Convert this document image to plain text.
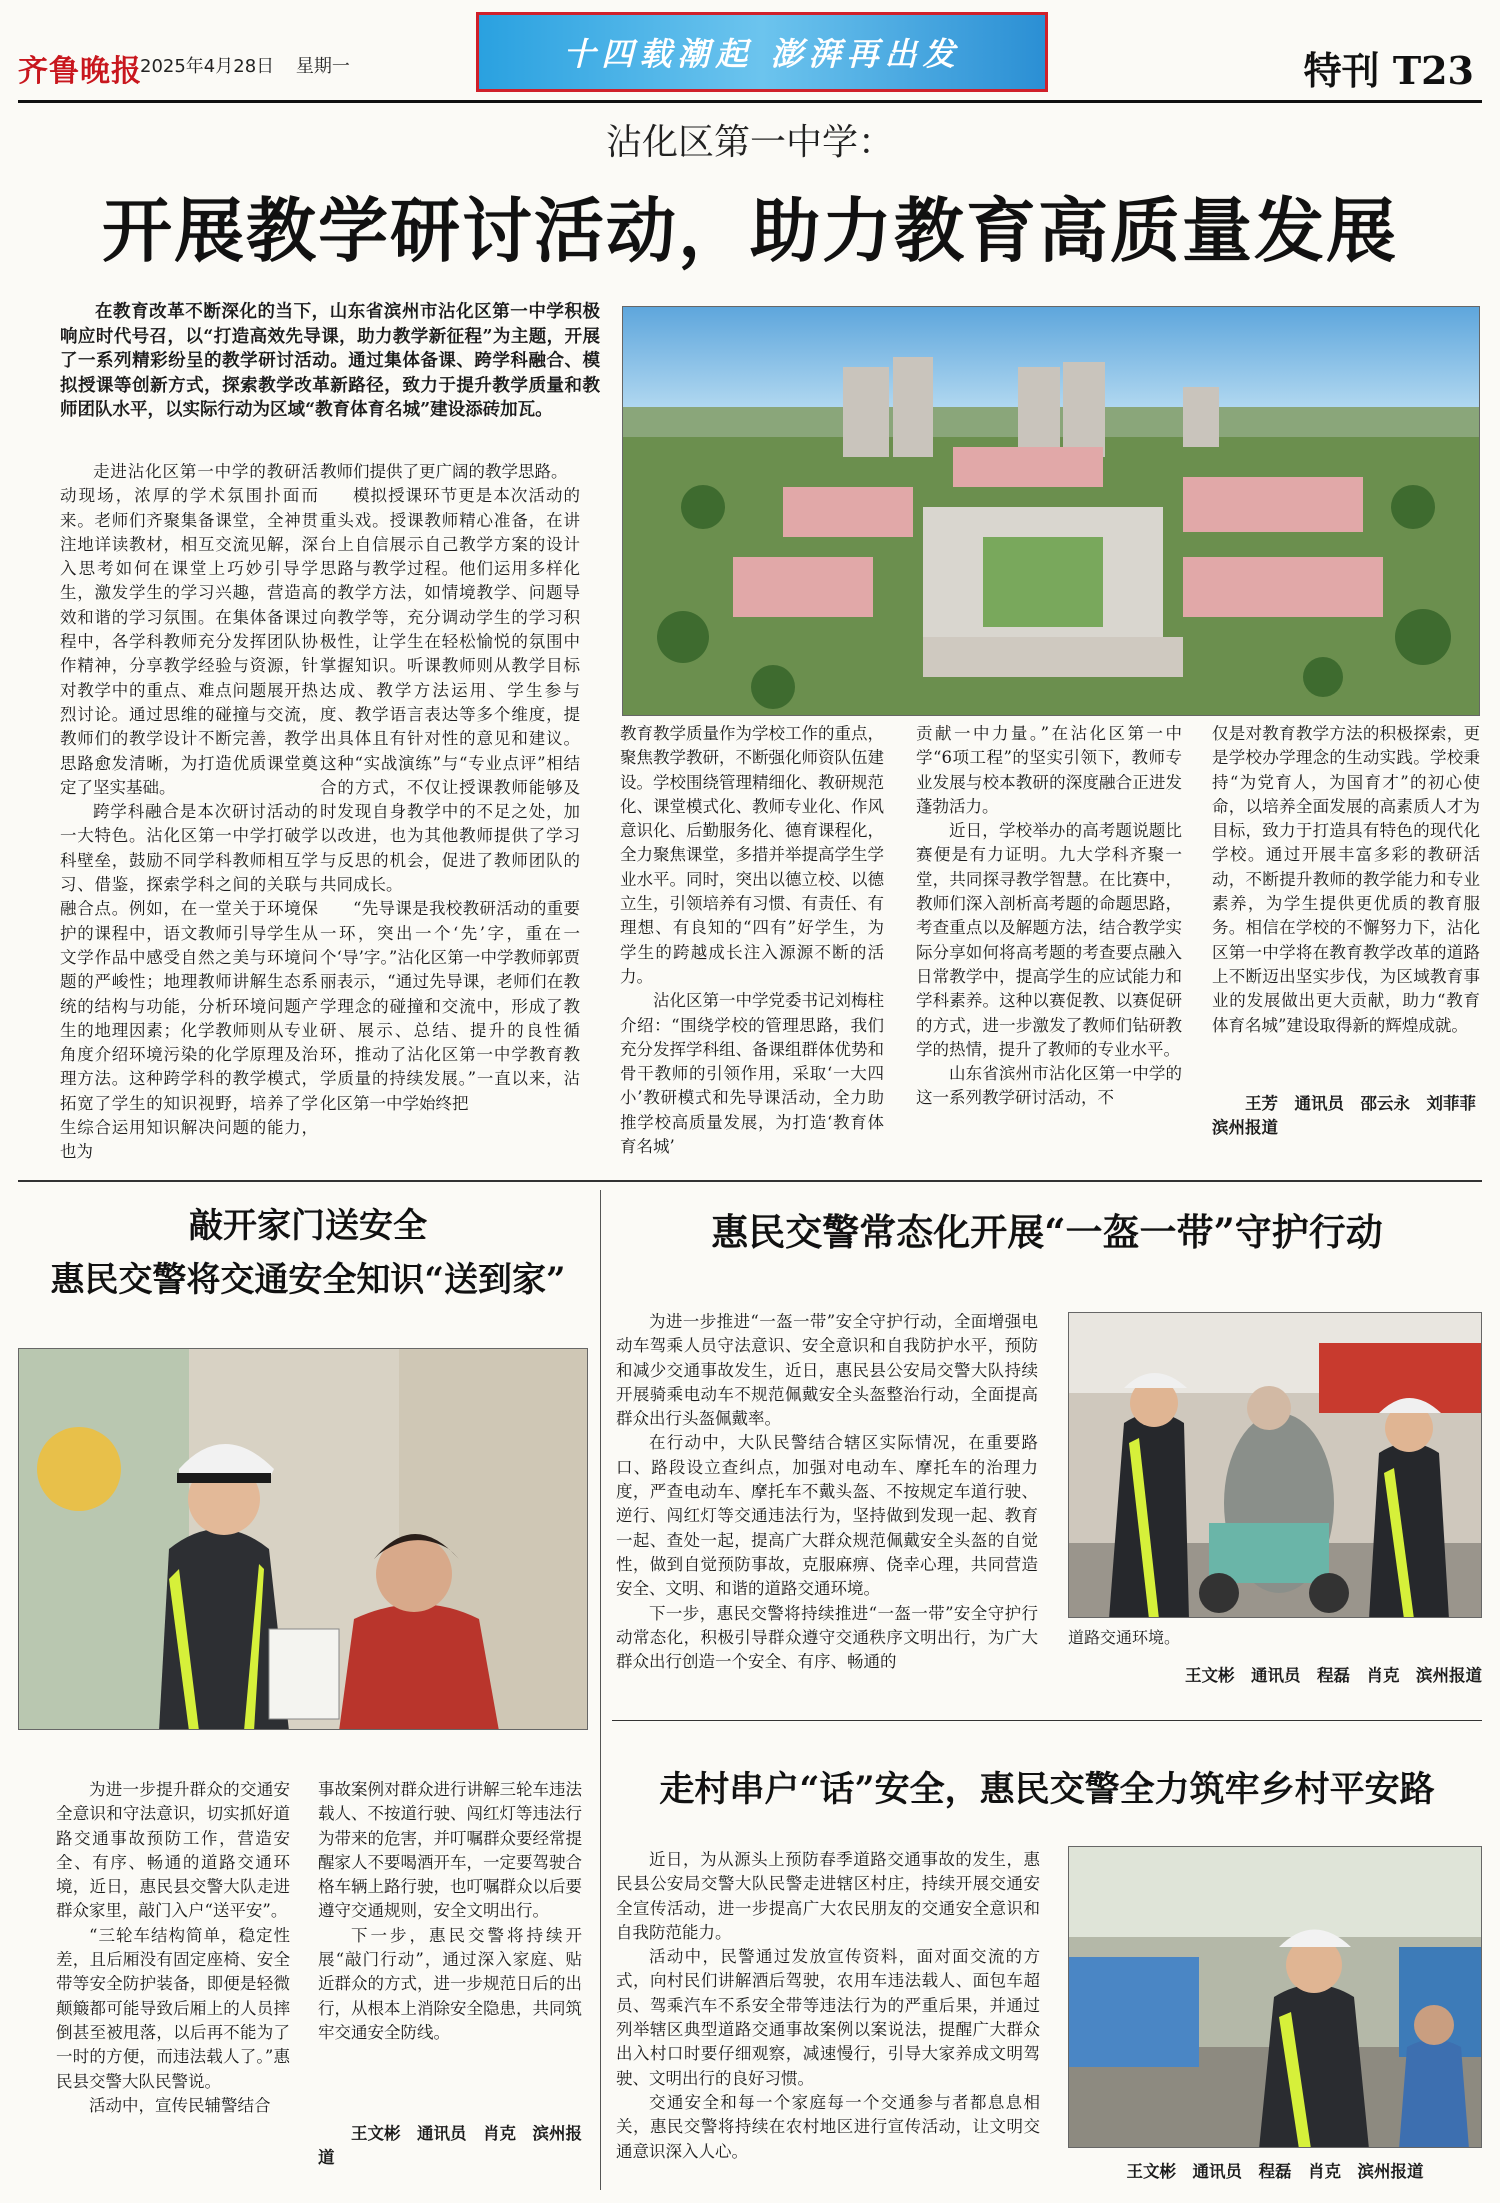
齐鲁晚报
2025年4月28日 星期一	十四载潮起 澎湃再出发	特刊 T23
沾化区第一中学：
开展教学研讨活动，助力教育高质量发展
在教育改革不断深化的当下，山东省滨州市沾化区第一中学积极响应时代号召，以“打造高效先导课，助力教学新征程”为主题，开展了一系列精彩纷呈的教学研讨活动。通过集体备课、跨学科融合、模拟授课等创新方式，探索教学改革新路径，致力于提升教学质量和教师团队水平，以实际行动为区域“教育体育名城”建设添砖加瓦。

走进沾化区第一中学的教研活动现场，浓厚的学术氛围扑面而来。老师们齐聚集备课堂，全神贯注地详读教材，相互交流见解，深入思考如何在课堂上巧妙引导学生，激发学生的学习兴趣，营造高效和谐的学习氛围。在集体备课过程中，各学科教师充分发挥团队协作精神，分享教学经验与资源，针对教学中的重点、难点问题展开热烈讨论。通过思维的碰撞与交流，教师们的教学设计不断完善，教学思路愈发清晰，为打造优质课堂奠定了坚实基础。

跨学科融合是本次研讨活动的一大特色。沾化区第一中学打破学科壁垒，鼓励不同学科教师相互学习、借鉴，探索学科之间的关联与融合点。例如，在一堂关于环境保护的课程中，语文教师引导学生从文学作品中感受自然之美与环境问题的严峻性；地理教师讲解生态系统的结构与功能，分析环境问题产生的地理因素；化学教师则从专业角度介绍环境污染的化学原理及治理方法。这种跨学科的教学模式，拓宽了学生的知识视野，培养了学生综合运用知识解决问题的能力，也为

教师们提供了更广阔的教学思路。

模拟授课环节更是本次活动的重头戏。授课教师精心准备，在讲台上自信展示自己教学方案的设计思路与教学过程。他们运用多样化的教学方法，如情境教学、问题导向教学等，充分调动学生的学习积极性，让学生在轻松愉悦的氛围中掌握知识。听课教师则从教学目标达成、教学方法运用、学生参与度、教学语言表达等多个维度，提出具体且有针对性的意见和建议。这种“实战演练”与“专业点评”相结合的方式，不仅让授课教师能够及时发现自身教学中的不足之处，加以改进，也为其他教师提供了学习与反思的机会，促进了教师团队的共同成长。

“先导课是我校教研活动的重要一环，突出一个‘先’字，重在一个‘导’字。”沾化区第一中学教师郭贾丽表示，“通过先导课，老师们在教学理念的碰撞和交流中，形成了教研、展示、总结、提升的良性循环，推动了沾化区第一中学教育教学质量的持续发展。”一直以来，沾化区第一中学始终把

教育教学质量作为学校工作的重点，聚焦教学教研，不断强化师资队伍建设。学校围绕管理精细化、教研规范化、课堂模式化、教师专业化、作风意识化、后勤服务化、德育课程化，全力聚焦课堂，多措并举提高学生学业水平。同时，突出以德立校、以德立生，引领培养有习惯、有责任、有理想、有良知的“四有”好学生，为学生的跨越成长注入源源不断的活力。

沾化区第一中学党委书记刘梅柱介绍：“围绕学校的管理思路，我们充分发挥学科组、备课组群体优势和骨干教师的引领作用，采取‘一大四小’教研模式和先导课活动，全力助推学校高质量发展，为打造‘教育体育名城’

贡献一中力量。”在沾化区第一中学“6项工程”的坚实引领下，教师专业发展与校本教研的深度融合正进发蓬勃活力。

近日，学校举办的高考题说题比赛便是有力证明。九大学科齐聚一堂，共同探寻教学智慧。在比赛中，教师们深入剖析高考题的命题思路，考查重点以及解题方法，结合教学实际分享如何将高考题的考查要点融入日常教学中，提高学生的应试能力和学科素养。这种以赛促教、以赛促研的方式，进一步激发了教师们钻研教学的热情，提升了教师的专业水平。

山东省滨州市沾化区第一中学的这一系列教学研讨活动，不

仅是对教育教学方法的积极探索，更是学校办学理念的生动实践。学校秉持“为党育人，为国育才”的初心使命，以培养全面发展的高素质人才为目标，致力于打造具有特色的现代化学校。通过开展丰富多彩的教研活动，不断提升教师的教学能力和专业素养，为学生提供更优质的教育服务。相信在学校的不懈努力下，沾化区第一中学将在教育教学改革的道路上不断迈出坚实步伐，为区域教育事业的发展做出更大贡献，助力“教育体育名城”建设取得新的辉煌成就。

王芳　通讯员　邵云永　刘菲菲　滨州报道
敲开家门送安全
惠民交警将交通安全知识“送到家”

为进一步提升群众的交通安全意识和守法意识，切实抓好道路交通事故预防工作，营造安全、有序、畅通的道路交通环境，近日，惠民县交警大队走进群众家里，敲门入户“送平安”。

“三轮车结构简单，稳定性差，且后厢没有固定座椅、安全带等安全防护装备，即便是轻微颠簸都可能导致后厢上的人员摔倒甚至被甩落，以后再不能为了一时的方便，而违法载人了。”惠民县交警大队民警说。

活动中，宣传民辅警结合

事故案例对群众进行讲解三轮车违法载人、不按道行驶、闯红灯等违法行为带来的危害，并叮嘱群众要经常提醒家人不要喝酒开车，一定要驾驶合格车辆上路行驶，也叮嘱群众以后要遵守交通规则，安全文明出行。

下一步，惠民交警将持续开展“敲门行动”，通过深入家庭、贴近群众的方式，进一步规范日后的出行，从根本上消除安全隐患，共同筑牢交通安全防线。

王文彬　通讯员　肖克　滨州报道
惠民交警常态化开展“一盔一带”守护行动

为进一步推进“一盔一带”安全守护行动，全面增强电动车驾乘人员守法意识、安全意识和自我防护水平，预防和减少交通事故发生，近日，惠民县公安局交警大队持续开展骑乘电动车不规范佩戴安全头盔整治行动，全面提高群众出行头盔佩戴率。

在行动中，大队民警结合辖区实际情况，在重要路口、路段设立查纠点，加强对电动车、摩托车的治理力度，严查电动车、摩托车不戴头盔、不按规定车道行驶、逆行、闯红灯等交通违法行为，坚持做到发现一起、教育一起、查处一起，提高广大群众规范佩戴安全头盔的自觉性，做到自觉预防事故，克服麻痹、侥幸心理，共同营造安全、文明、和谐的道路交通环境。

下一步，惠民交警将持续推进“一盔一带”安全守护行动常态化，积极引导群众遵守交通秩序文明出行，为广大群众出行创造一个安全、有序、畅通的

道路交通环境。
王文彬　通讯员　程磊　肖克　滨州报道
走村串户“话”安全，惠民交警全力筑牢乡村平安路

近日，为从源头上预防春季道路交通事故的发生，惠民县公安局交警大队民警走进辖区村庄，持续开展交通安全宣传活动，进一步提高广大农民朋友的交通安全意识和自我防范能力。

活动中，民警通过发放宣传资料，面对面交流的方式，向村民们讲解酒后驾驶，农用车违法载人、面包车超员、驾乘汽车不系安全带等违法行为的严重后果，并通过列举辖区典型道路交通事故案例以案说法，提醒广大群众出入村口时要仔细观察，减速慢行，引导大家养成文明驾驶、文明出行的良好习惯。

交通安全和每一个家庭每一个交通参与者都息息相关，惠民交警将持续在农村地区进行宣传活动，让文明交通意识深入人心。

王文彬　通讯员　程磊　肖克　滨州报道
